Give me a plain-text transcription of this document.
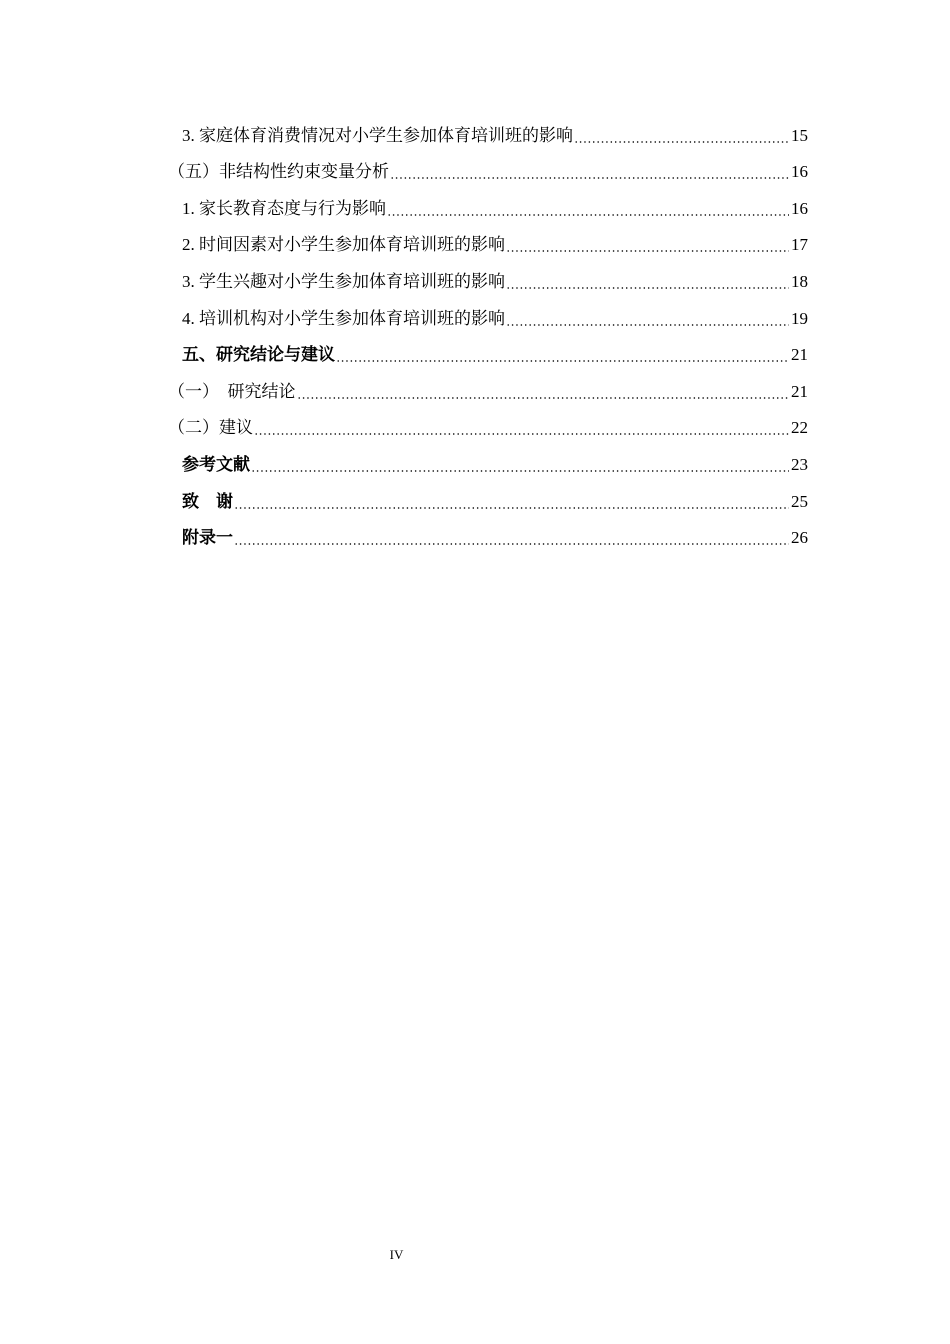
3. 家庭体育消费情况对小学生参加体育培训班的影响	15
（五）非结构性约束变量分析	16
1. 家长教育态度与行为影响	16
2. 时间因素对小学生参加体育培训班的影响	17
3. 学生兴趣对小学生参加体育培训班的影响	18
4. 培训机构对小学生参加体育培训班的影响	19
五、研究结论与建议	21
（一）  研究结论	21
（二）建议	22
参考文献	23
致    谢	25
附录一	26
IV
